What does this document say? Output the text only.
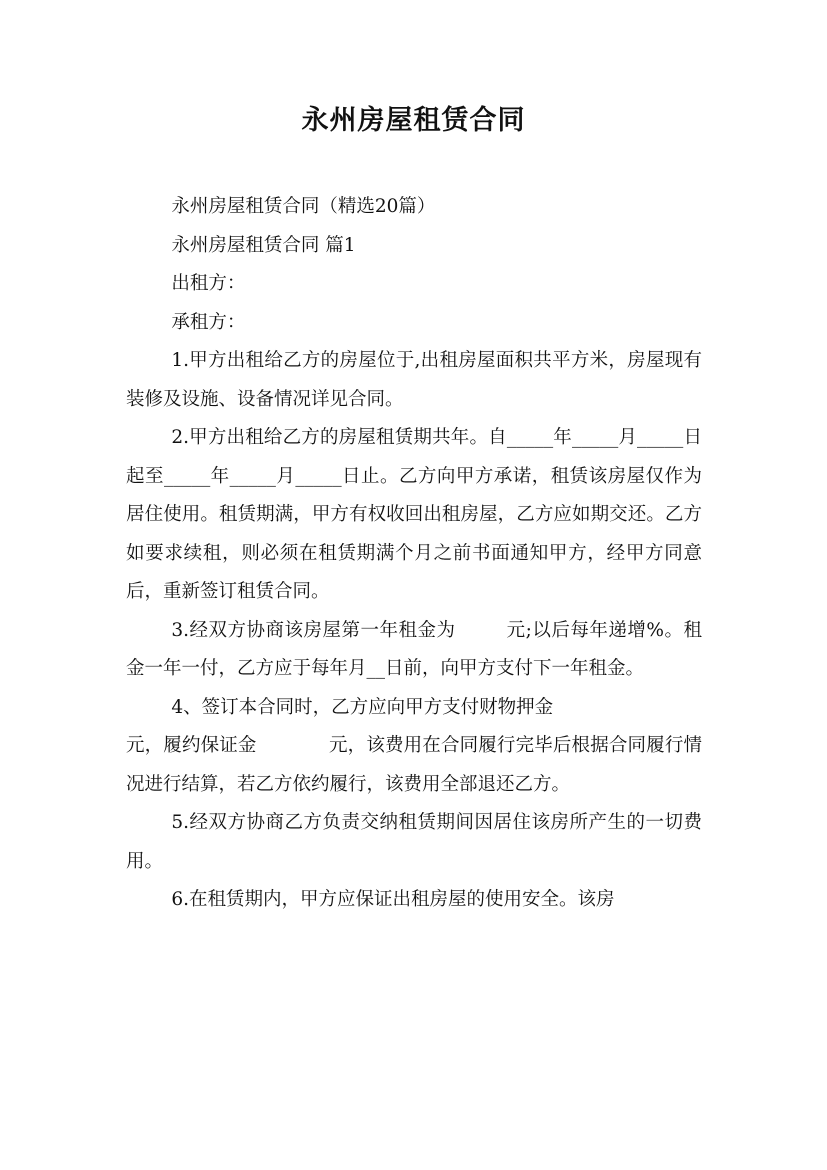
永州房屋租赁合同

永州房屋租赁合同（精选20篇）

永州房屋租赁合同 篇1

出租方：

承租方：

1.甲方出租给乙方的房屋位于,出租房屋面积共平方米，房屋现有装修及设施、设备情况详见合同。

2.甲方出租给乙方的房屋租赁期共年。自_____年_____月_____日起至_____年_____月_____日止。乙方向甲方承诺，租赁该房屋仅作为居住使用。租赁期满，甲方有权收回出租房屋，乙方应如期交还。乙方如要求续租，则必须在租赁期满个月之前书面通知甲方，经甲方同意后，重新签订租赁合同。

3.经双方协商该房屋第一年租金为        元;以后每年递增%。租金一年一付，乙方应于每年月__日前，向甲方支付下一年租金。

4、签订本合同时，乙方应向甲方支付财物押金

元，履约保证金            元，该费用在合同履行完毕后根据合同履行情况进行结算，若乙方依约履行，该费用全部退还乙方。

5.经双方协商乙方负责交纳租赁期间因居住该房所产生的一切费用。

6.在租赁期内，甲方应保证出租房屋的使用安全。该房
